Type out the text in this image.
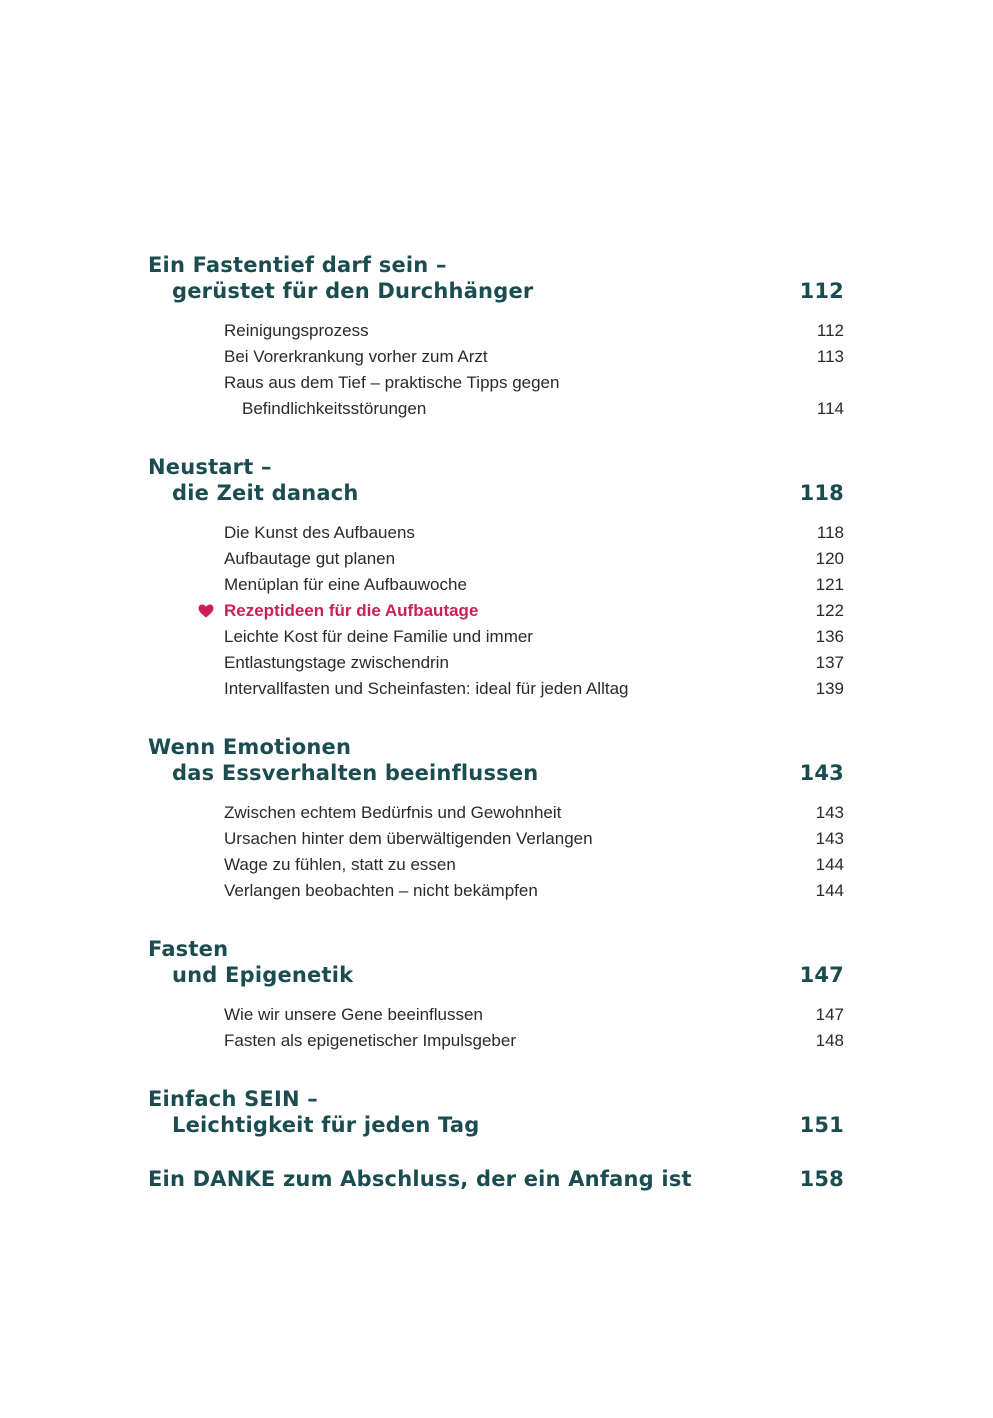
Ein Fastentief darf sein –
gerüstet für den Durchhänger	112
Reinigungsprozess	112
Bei Vorerkrankung vorher zum Arzt	113
Raus aus dem Tief – praktische Tipps gegen
Befindlichkeitsstörungen	114
Neustart –
die Zeit danach	118
Die Kunst des Aufbauens	118
Aufbautage gut planen	120
Menüplan für eine Aufbauwoche	121
Rezeptideen für die Aufbautage	122
Leichte Kost für deine Familie und immer	136
Entlastungstage zwischendrin	137
Intervallfasten und Scheinfasten: ideal für jeden Alltag	139
Wenn Emotionen
das Essverhalten beeinflussen	143
Zwischen echtem Bedürfnis und Gewohnheit	143
Ursachen hinter dem überwältigenden Verlangen	143
Wage zu fühlen, statt zu essen	144
Verlangen beobachten – nicht bekämpfen	144
Fasten
und Epigenetik	147
Wie wir unsere Gene beeinflussen	147
Fasten als epigenetischer Impulsgeber	148
Einfach SEIN –
Leichtigkeit für jeden Tag	151
Ein DANKE zum Abschluss, der ein Anfang ist	158
